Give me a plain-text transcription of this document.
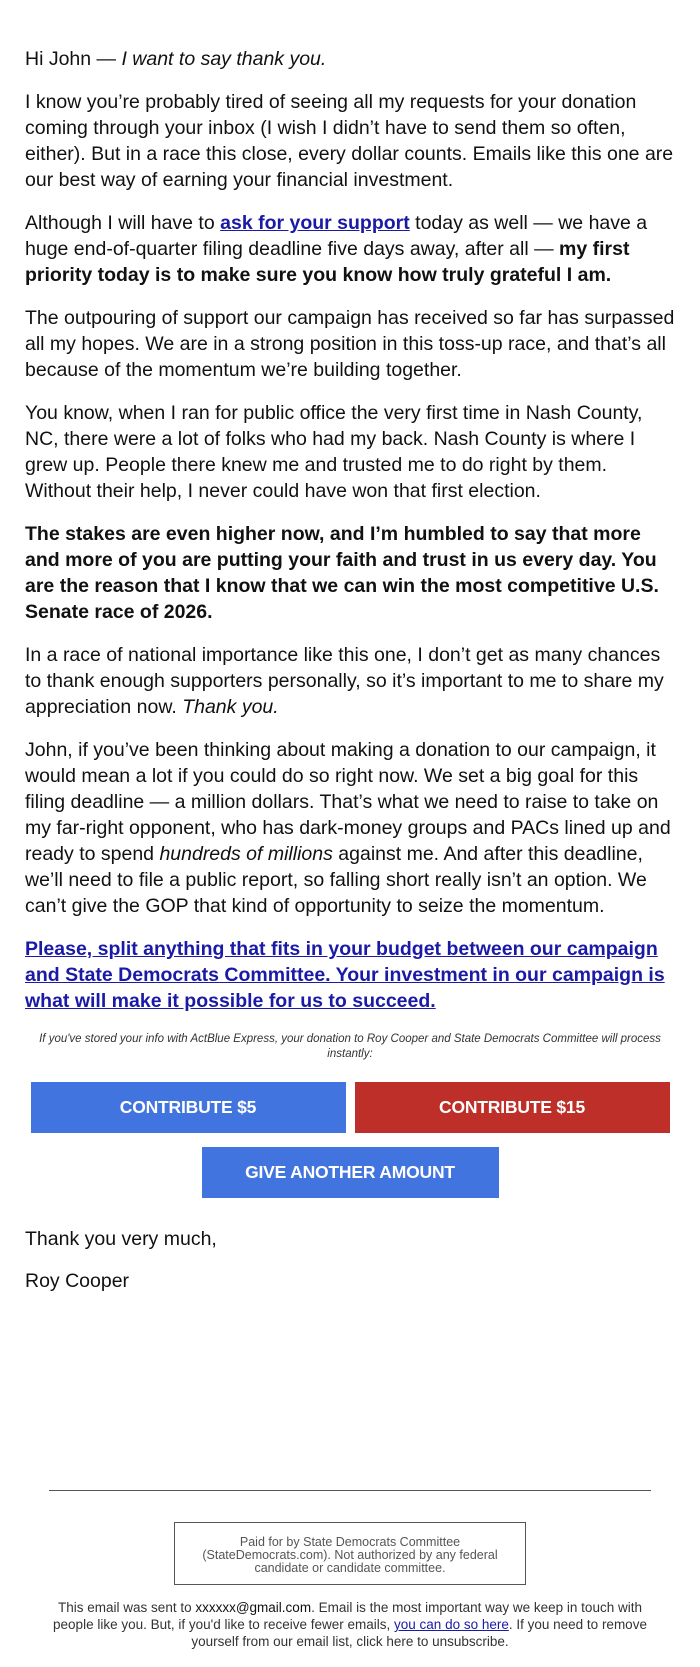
Hi John — I want to say thank you.

I know you’re probably tired of seeing all my requests for your donation coming through your inbox (I wish I didn’t have to send them so often, either). But in a race this close, every dollar counts. Emails like this one are our best way of earning your financial investment.

Although I will have to ask for your support today as well — we have a huge end-of-quarter filing deadline five days away, after all — my first priority today is to make sure you know how truly grateful I am.

The outpouring of support our campaign has received so far has surpassed all my hopes. We are in a strong position in this toss-up race, and that’s all because of the momentum we’re building together.

You know, when I ran for public office the very first time in Nash County, NC, there were a lot of folks who had my back. Nash County is where I grew up. People there knew me and trusted me to do right by them. Without their help, I never could have won that first election.

The stakes are even higher now, and I’m humbled to say that more and more of you are putting your faith and trust in us every day. You are the reason that I know that we can win the most competitive U.S. Senate race of 2026.

In a race of national importance like this one, I don’t get as many chances to thank enough supporters personally, so it’s important to me to share my appreciation now. Thank you.

John, if you’ve been thinking about making a donation to our campaign, it would mean a lot if you could do so right now. We set a big goal for this filing deadline — a million dollars. That’s what we need to raise to take on my far-right opponent, who has dark-money groups and PACs lined up and ready to spend hundreds of millions against me. And after this deadline, we’ll need to file a public report, so falling short really isn’t an option. We can’t give the GOP that kind of opportunity to seize the momentum.

Please, split anything that fits in your budget between our campaign and State Democrats Committee. Your investment in our campaign is what will make it possible for us to succeed.

If you've stored your info with ActBlue Express, your donation to Roy Cooper and State Democrats Committee will process instantly:

CONTRIBUTE $5	CONTRIBUTE $15
GIVE ANOTHER AMOUNT

Thank you very much,

Roy Cooper

Paid for by State Democrats Committee (StateDemocrats.com). Not authorized by any federal candidate or candidate committee.
This email was sent to xxxxxx@gmail.com. Email is the most important way we keep in touch with people like you. But, if you'd like to receive fewer emails, you can do so here. If you need to remove yourself from our email list, click here to unsubscribe.
